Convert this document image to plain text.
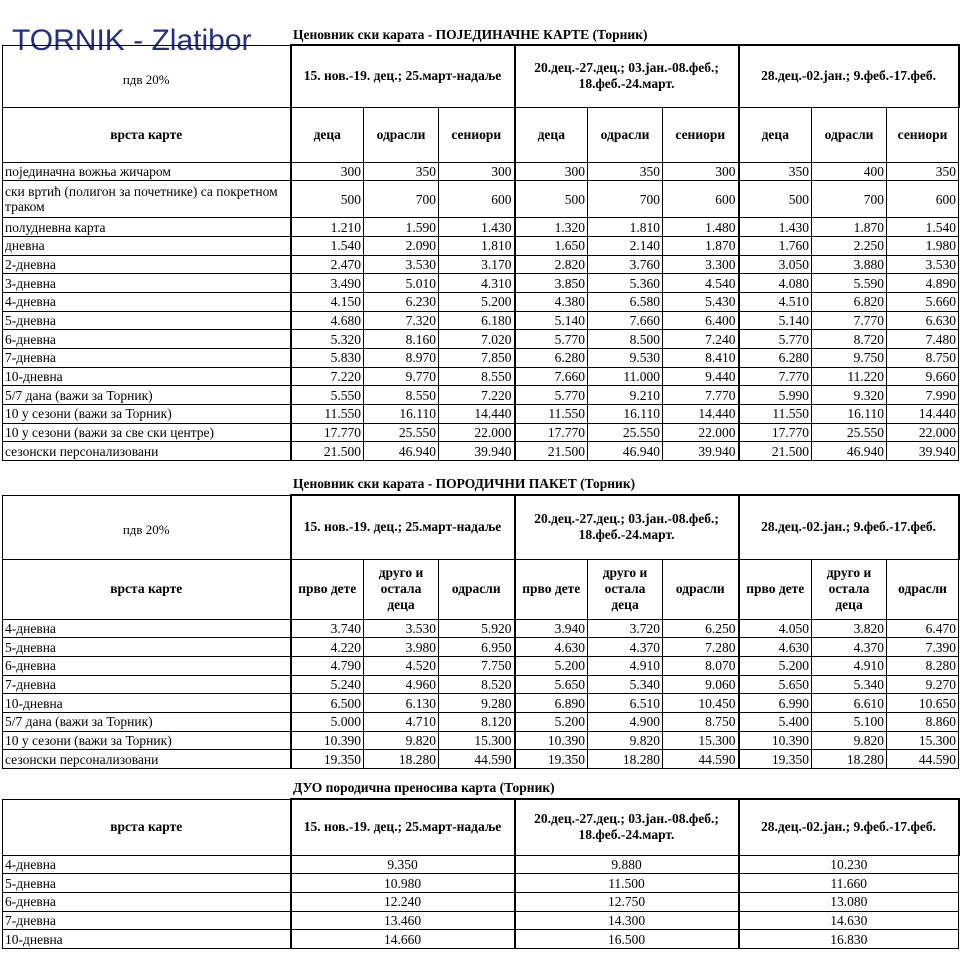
TORNIK - Zlatibor	Ценовник ски карата - ПОЈЕДИНАЧНЕ КАРТЕ (Торник)
пдв 20%	15. нов.-19. дец.; 25.март-надаље			20.дец.-27.дец.; 03.јан.-08.феб.; 18.феб.-24.март.			28.дец.-02.јан.; 9.феб.-17.феб.		
врста карте	деца	одрасли	сениори	деца	одрасли	сениори	деца	одрасли	сениори
појединачна вожња жичаром	300	350	300	300	350	300	350	400	350
ски вртић (полигон за почетнике) са покретном траком	500	700	600	500	700	600	500	700	600
полудневна карта	1.210	1.590	1.430	1.320	1.810	1.480	1.430	1.870	1.540
дневна	1.540	2.090	1.810	1.650	2.140	1.870	1.760	2.250	1.980
2-дневна	2.470	3.530	3.170	2.820	3.760	3.300	3.050	3.880	3.530
3-дневна	3.490	5.010	4.310	3.850	5.360	4.540	4.080	5.590	4.890
4-дневна	4.150	6.230	5.200	4.380	6.580	5.430	4.510	6.820	5.660
5-дневна	4.680	7.320	6.180	5.140	7.660	6.400	5.140	7.770	6.630
6-дневна	5.320	8.160	7.020	5.770	8.500	7.240	5.770	8.720	7.480
7-дневна	5.830	8.970	7.850	6.280	9.530	8.410	6.280	9.750	8.750
10-дневна	7.220	9.770	8.550	7.660	11.000	9.440	7.770	11.220	9.660
5/7 дана (важи за Торник)	5.550	8.550	7.220	5.770	9.210	7.770	5.990	9.320	7.990
10 у сезони (важи за Торник)	11.550	16.110	14.440	11.550	16.110	14.440	11.550	16.110	14.440
10 у сезони (важи за све ски центре)	17.770	25.550	22.000	17.770	25.550	22.000	17.770	25.550	22.000
сезонски персонализовани	21.500	46.940	39.940	21.500	46.940	39.940	21.500	46.940	39.940
Ценовник ски карата - ПОРОДИЧНИ ПАКЕТ (Торник)
пдв 20%	15. нов.-19. дец.; 25.март-надаље			20.дец.-27.дец.; 03.јан.-08.феб.; 18.феб.-24.март.			28.дец.-02.јан.; 9.феб.-17.феб.		
врста карте	прво дете	друго и остала деца	одрасли	прво дете	друго и остала деца	одрасли	прво дете	друго и остала деца	одрасли
4-дневна	3.740	3.530	5.920	3.940	3.720	6.250	4.050	3.820	6.470
5-дневна	4.220	3.980	6.950	4.630	4.370	7.280	4.630	4.370	7.390
6-дневна	4.790	4.520	7.750	5.200	4.910	8.070	5.200	4.910	8.280
7-дневна	5.240	4.960	8.520	5.650	5.340	9.060	5.650	5.340	9.270
10-дневна	6.500	6.130	9.280	6.890	6.510	10.450	6.990	6.610	10.650
5/7 дана (важи за Торник)	5.000	4.710	8.120	5.200	4.900	8.750	5.400	5.100	8.860
10 у сезони (важи за Торник)	10.390	9.820	15.300	10.390	9.820	15.300	10.390	9.820	15.300
сезонски персонализовани	19.350	18.280	44.590	19.350	18.280	44.590	19.350	18.280	44.590
ДУО породична преносива карта (Торник)
врста карте	15. нов.-19. дец.; 25.март-надаље	20.дец.-27.дец.; 03.јан.-08.феб.; 18.феб.-24.март.	28.дец.-02.јан.; 9.феб.-17.феб.
4-дневна	9.350	9.880	10.230
5-дневна	10.980	11.500	11.660
6-дневна	12.240	12.750	13.080
7-дневна	13.460	14.300	14.630
10-дневна	14.660	16.500	16.830
